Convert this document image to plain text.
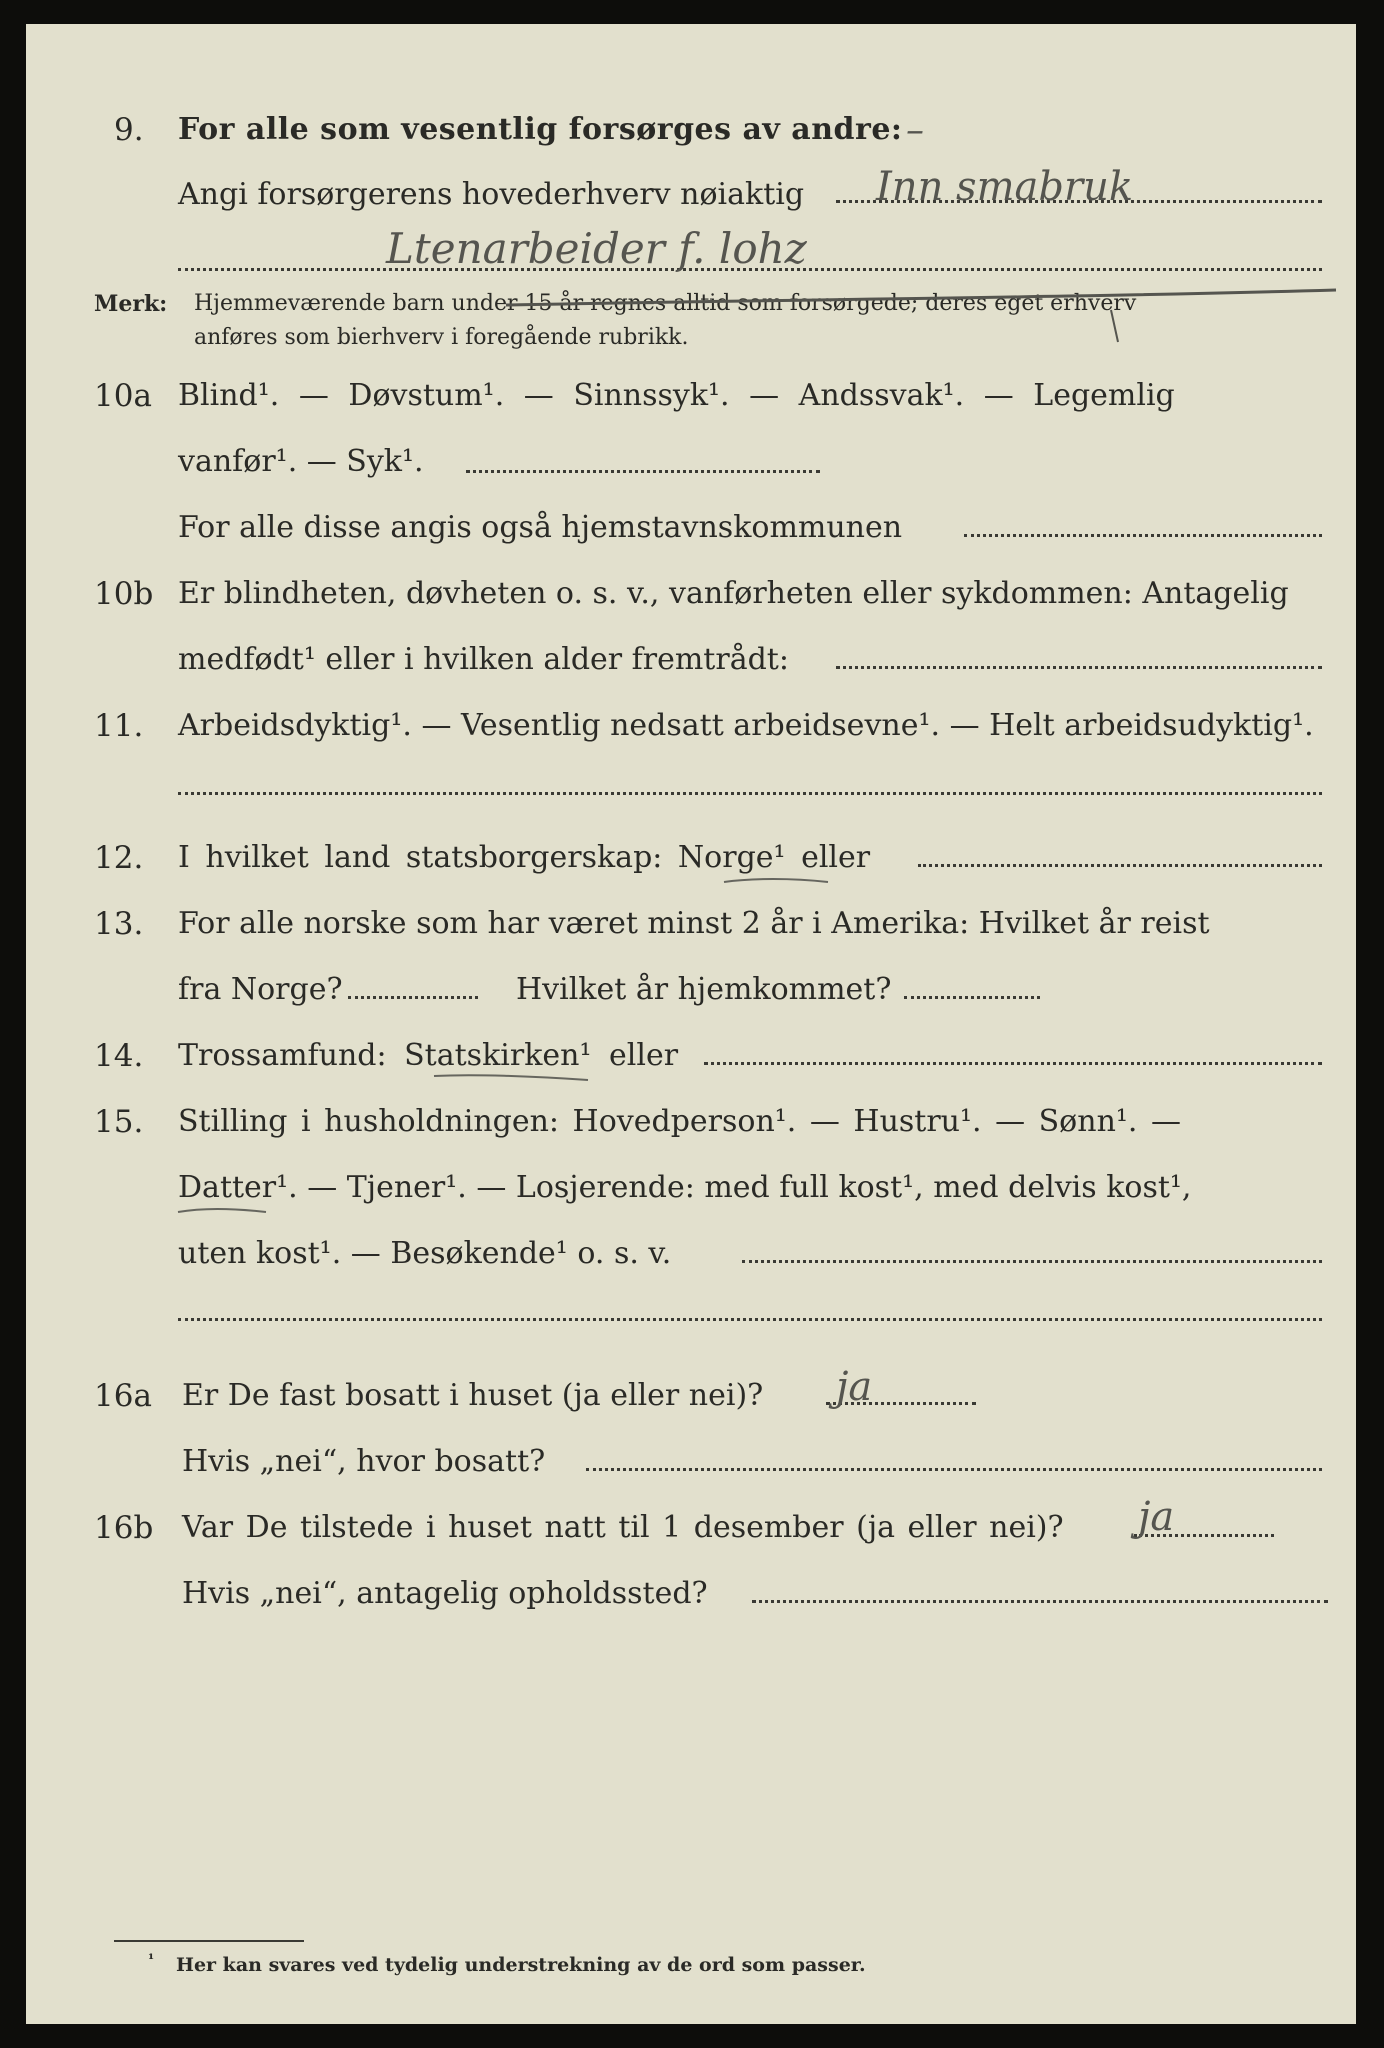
9. For alle som vesentlig forsørges av andre: –
Angi forsørgerens hovederhverv nøiaktig Inn smabruk
Ltenarbeider f. lohz
Merk: Hjemmeværende barn under 15 år regnes alltid som forsørgede; deres eget erhverv
anføres som bierhverv i foregående rubrikk.
10a Blind¹. — Døvstum¹. — Sinnssyk¹. — Andssvak¹. — Legemlig
vanfør¹. — Syk¹.
For alle disse angis også hjemstavnskommunen
10b Er blindheten, døvheten o. s. v., vanførheten eller sykdommen: Antagelig
medfødt¹ eller i hvilken alder fremtrådt:
11. Arbeidsdyktig¹. — Vesentlig nedsatt arbeidsevne¹. — Helt arbeidsudyktig¹.
12. I hvilket land statsborgerskap: Norge¹ eller
13. For alle norske som har været minst 2 år i Amerika: Hvilket år reist
fra Norge?	Hvilket år hjemkommet?
14. Trossamfund: Statskirken¹ eller
15. Stilling i husholdningen: Hovedperson¹. — Hustru¹. — Sønn¹. —
Datter¹. — Tjener¹. — Losjerende: med full kost¹, med delvis kost¹,
uten kost¹. — Besøkende¹ o. s. v.
16a Er De fast bosatt i huset (ja eller nei)? ja
Hvis „nei“, hvor bosatt?
16b Var De tilstede i huset natt til 1 desember (ja eller nei)? ja
Hvis „nei“, antagelig opholdssted?
¹ Her kan svares ved tydelig understrekning av de ord som passer.
